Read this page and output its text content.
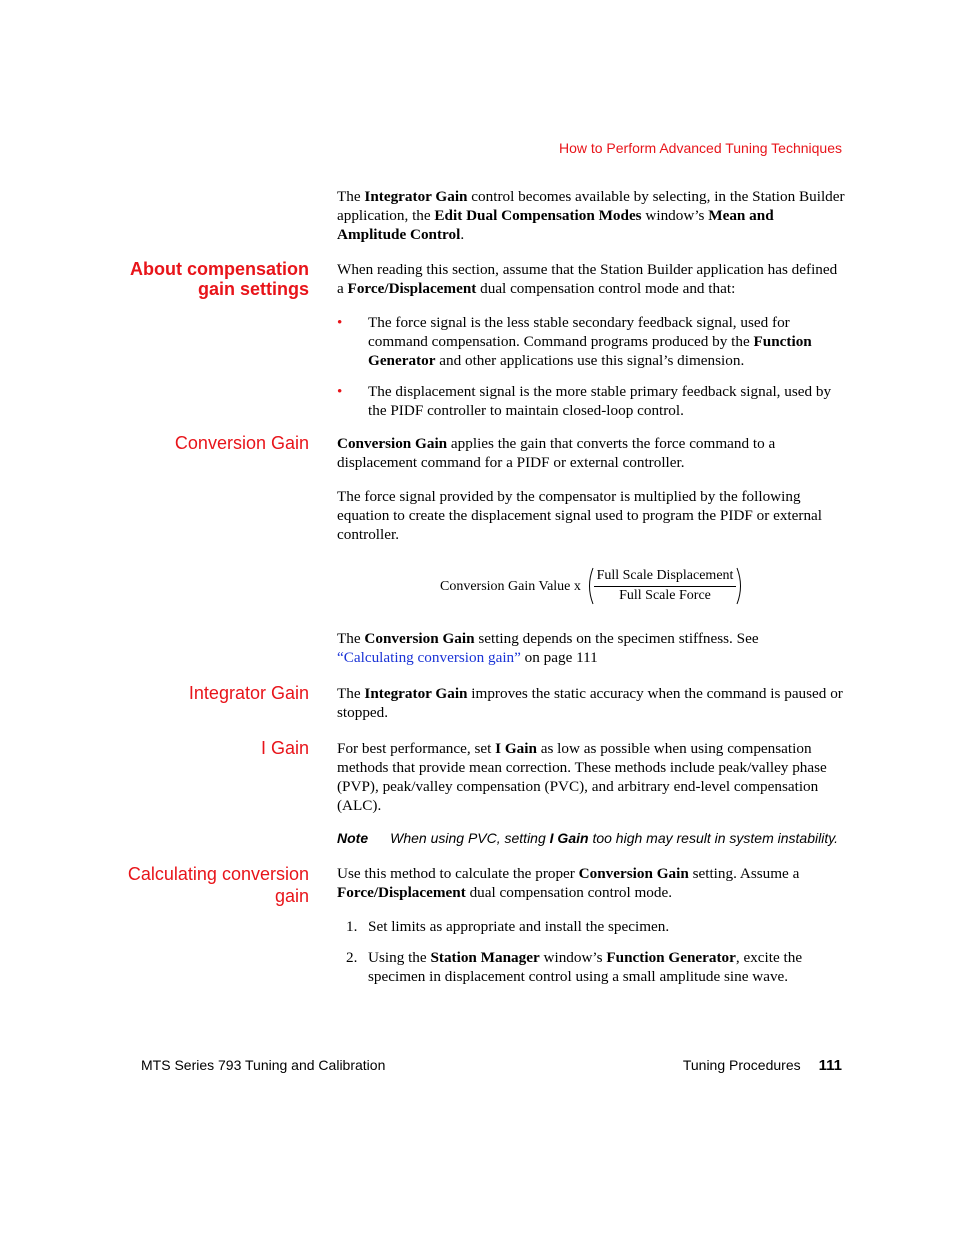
How to Perform Advanced Tuning Techniques
The Integrator Gain control becomes available by selecting, in the Station Builder application, the Edit Dual Compensation Modes window’s Mean and Amplitude Control.
About compensation
gain settings
When reading this section, assume that the Station Builder application has defined a Force/Displacement dual compensation control mode and that:
• The force signal is the less stable secondary feedback signal, used for command compensation. Command programs produced by the Function Generator and other applications use this signal’s dimension.
• The displacement signal is the more stable primary feedback signal, used by the PIDF controller to maintain closed-loop control.
Conversion Gain Conversion Gain applies the gain that converts the force command to a displacement command for a PIDF or external controller.
The force signal provided by the compensator is multiplied by the following equation to create the displacement signal used to program the PIDF or external controller.
Conversion Gain Value x
Full Scale Displacement
Full Scale Force
The Conversion Gain setting depends on the specimen stiffness. See
“Calculating conversion gain” on page 111
Integrator Gain The Integrator Gain improves the static accuracy when the command is paused or stopped.
I Gain For best performance, set I Gain as low as possible when using compensation methods that provide mean correction. These methods include peak/valley phase (PVP), peak/valley compensation (PVC), and arbitrary end-level compensation (ALC).
Note When using PVC, setting I Gain too high may result in system instability.
Calculating conversion
gain
Use this method to calculate the proper Conversion Gain setting. Assume a Force/Displacement dual compensation control mode.
1. Set limits as appropriate and install the specimen.
2. Using the Station Manager window’s Function Generator, excite the specimen in displacement control using a small amplitude sine wave.
MTS Series 793 Tuning and Calibration	Tuning Procedures 111
